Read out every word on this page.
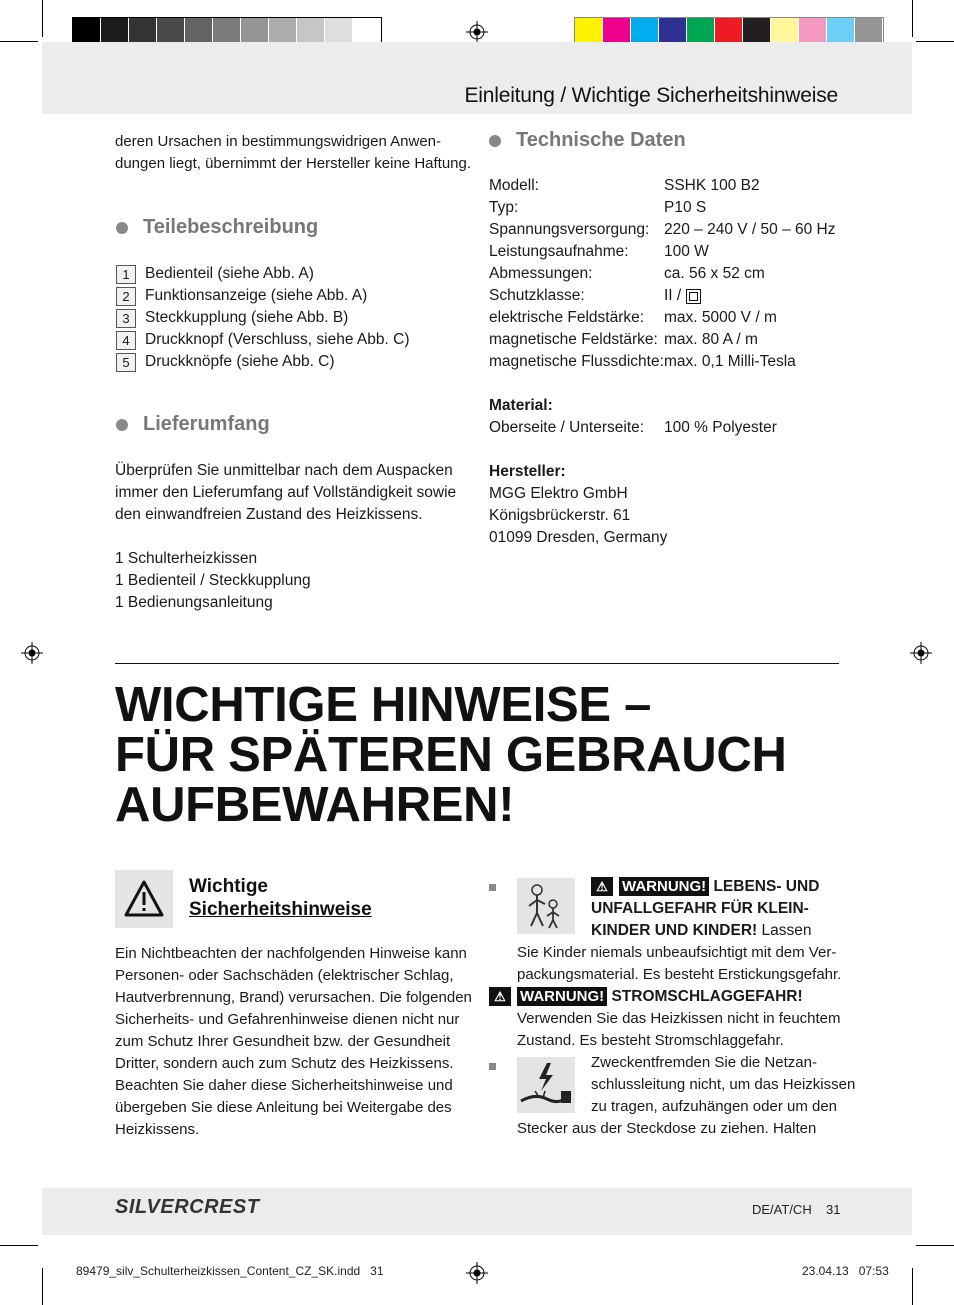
Einleitung / Wichtige Sicherheitshinweise
deren Ursachen in bestimmungswidrigen Anwen-
dungen liegt, übernimmt der Hersteller keine Haftung.
Teilebeschreibung
1 Bedienteil (siehe Abb. A)
2 Funktionsanzeige (siehe Abb. A)
3 Steckkupplung (siehe Abb. B)
4 Druckknopf (Verschluss, siehe Abb. C)
5 Druckknöpfe (siehe Abb. C)
Lieferumfang
Überprüfen Sie unmittelbar nach dem Auspacken
immer den Lieferumfang auf Vollständigkeit sowie
den einwandfreien Zustand des Heizkissens.
1 Schulterheizkissen
1 Bedienteil / Steckkupplung
1 Bedienungsanleitung
Technische Daten
Modell:	SSHK 100 B2
Typ:	P10 S
Spannungsversorgung: 220 – 240 V / 50 – 60 Hz
Leistungsaufnahme:	100 W
Abmessungen:	ca. 56 x 52 cm
Schutzklasse:	II /
elektrische Feldstärke:	max. 5000 V / m
magnetische Feldstärke: max. 80 A / m
magnetische Flussdichte: max. 0,1 Milli-Tesla
Material:
Oberseite / Unterseite:	100 % Polyester
Hersteller:
MGG Elektro GmbH
Königsbrückerstr. 61
01099 Dresden, Germany
WICHTIGE HINWEISE –
FÜR SPÄTEREN GEBRAUCH
AUFBEWAHREN!
Wichtige
Sicherheitshinweise
Ein Nichtbeachten der nachfolgenden Hinweise kann
Personen- oder Sachschäden (elektrischer Schlag,
Hautverbrennung, Brand) verursachen. Die folgenden
Sicherheits- und Gefahrenhinweise dienen nicht nur
zum Schutz Ihrer Gesundheit bzw. der Gesundheit
Dritter, sondern auch zum Schutz des Heizkissens.
Beachten Sie daher diese Sicherheitshinweise und
übergeben Sie diese Anleitung bei Weitergabe des
Heizkissens.
⚠ WARNUNG! LEBENS- UND
UNFALLGEFAHR FÜR KLEIN-
KINDER UND KINDER! Lassen
Sie Kinder niemals unbeaufsichtigt mit dem Ver-
packungsmaterial. Es besteht Erstickungsgefahr.
⚠ WARNUNG! STROMSCHLAGGEFAHR!
Verwenden Sie das Heizkissen nicht in feuchtem
Zustand. Es besteht Stromschlaggefahr.
Zweckentfremden Sie die Netzan-
schlussleitung nicht, um das Heizkissen
zu tragen, aufzuhängen oder um den
Stecker aus der Steckdose zu ziehen. Halten
SILVERCREST	DE/AT/CH 31
89479_silv_Schulterheizkissen_Content_CZ_SK.indd   31	23.04.13   07:53
